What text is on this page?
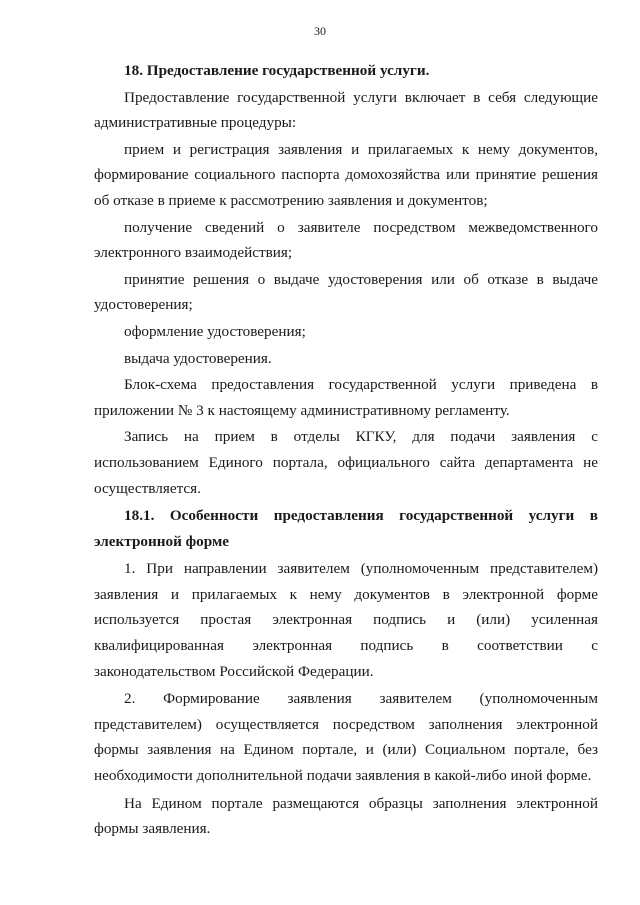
30

18. Предоставление государственной услуги.

Предоставление государственной услуги включает в себя следующие административные процедуры:

прием и регистрация заявления и прилагаемых к нему документов, формирование социального паспорта домохозяйства или принятие решения об отказе в приеме к рассмотрению заявления и документов;

получение сведений о заявителе посредством межведомственного электронного взаимодействия;

принятие решения о выдаче удостоверения или об отказе в выдаче удостоверения;

оформление удостоверения;

выдача удостоверения.

Блок-схема предоставления государственной услуги приведена в приложении № 3 к настоящему административному регламенту.

Запись на прием в отделы КГКУ, для подачи заявления с использованием Единого портала, официального сайта департамента не осуществляется.

18.1. Особенности предоставления государственной услуги в электронной форме

1. При направлении заявителем (уполномоченным представителем) заявления и прилагаемых к нему документов в электронной форме используется простая электронная подпись и (или) усиленная квалифицированная электронная подпись в соответствии с законодательством Российской Федерации.

2. Формирование заявления заявителем (уполномоченным представителем) осуществляется посредством заполнения электронной формы заявления на Едином портале, и (или) Социальном портале, без необходимости дополнительной подачи заявления в какой-либо иной форме.

На Едином портале размещаются образцы заполнения электронной формы заявления.
